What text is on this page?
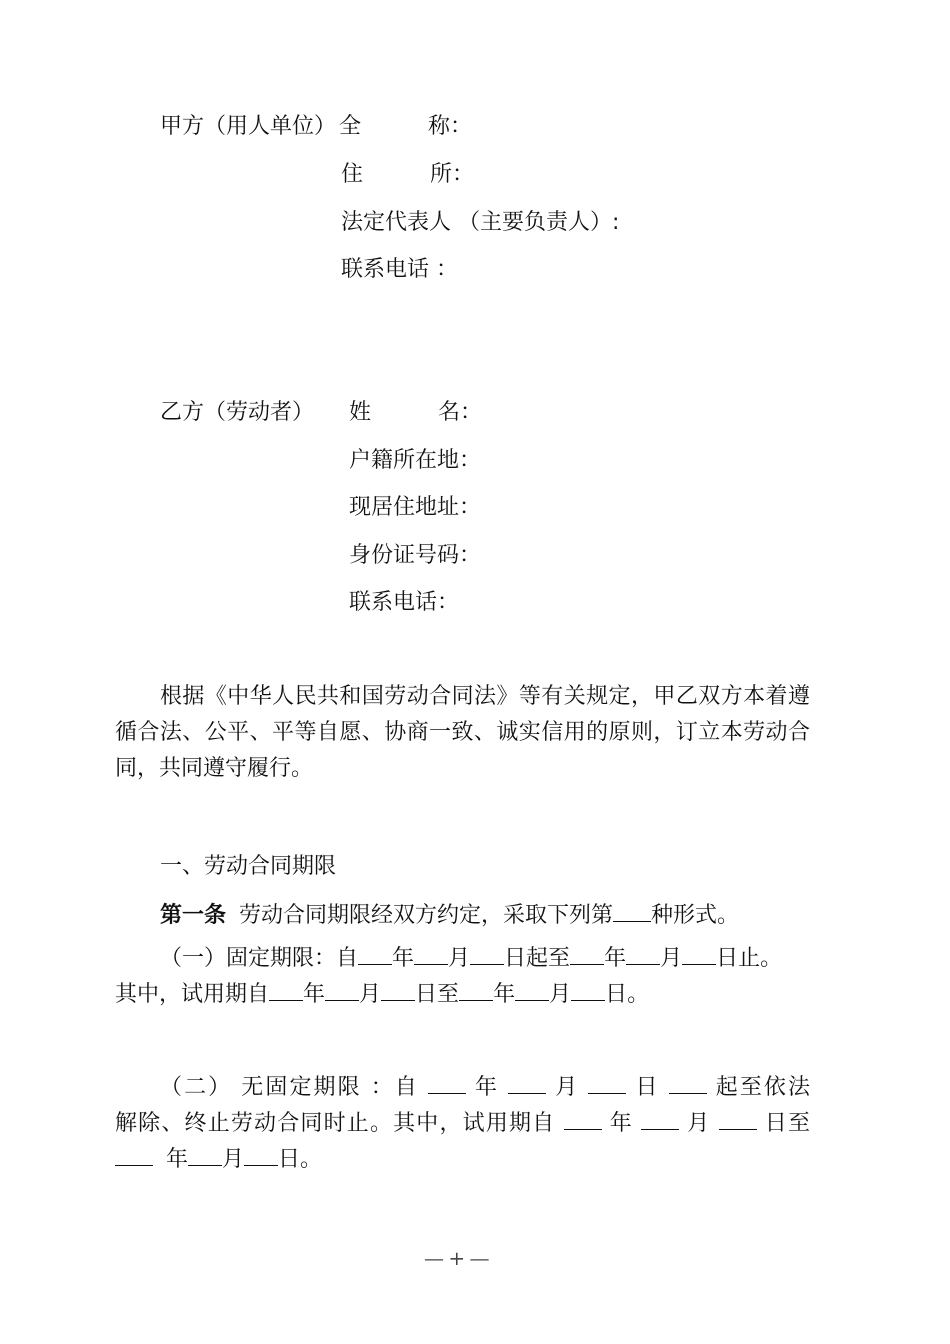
甲方（用人单位） 全	称：
住	所：
法定代表人 （主要负责人）:
联系电话 ：
乙方（劳动者） 姓	名：
户籍所在地：
现居住地址：
身份证号码：
联系电话：
根据《中华人民共和国劳动合同法》等有关规定，甲乙双方本着遵
循合法、公平、平等自愿、协商一致、诚实信用的原则，订立本劳动合
同，共同遵守履行。
一、劳动合同期限
第一条 劳动合同期限经双方约定，采取下列第 种形式。
（一）固定期限：自 年 月 日起至 年 月 日止。
其中，试用期自 年 月 日至 年 月 日。
（二） 无固定期限 ：自	年	月	日	起至依法
解除、终止劳动合同时止。其中，试用期自 年 月 日至
年 月 日。
— + —
